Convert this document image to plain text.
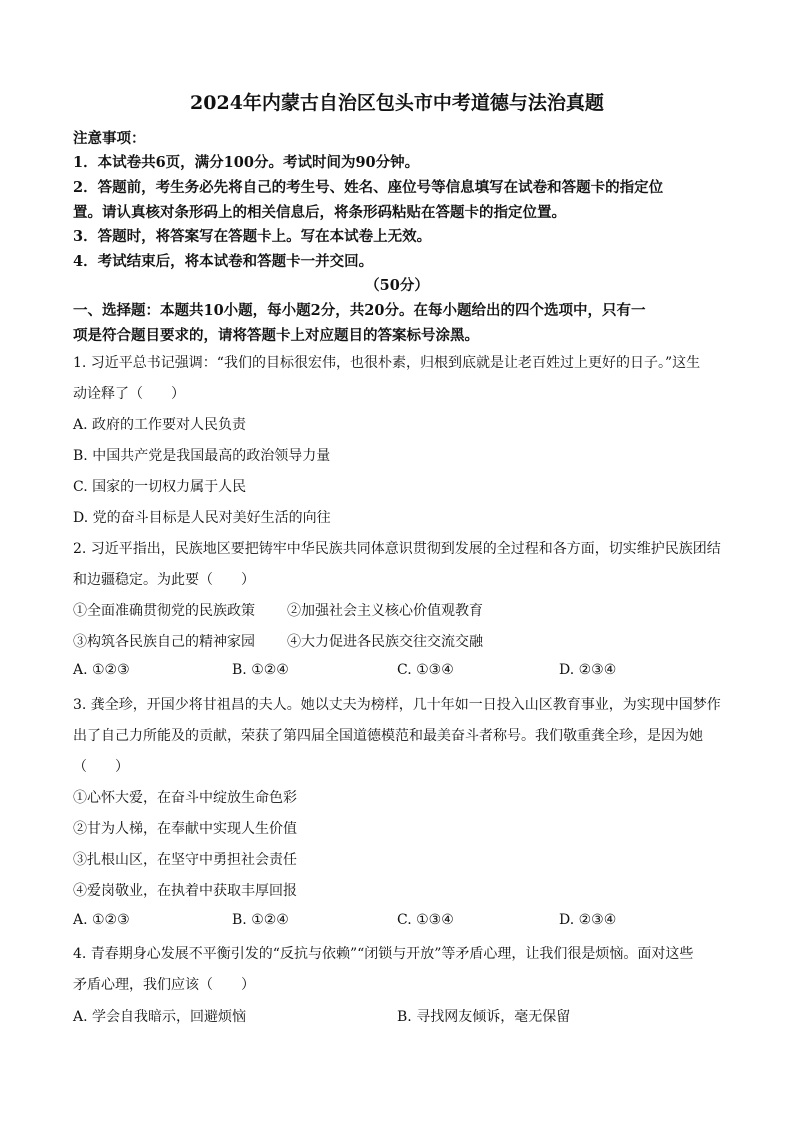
2024年内蒙古自治区包头市中考道德与法治真题
注意事项：
1．本试卷共6页，满分100分。考试时间为90分钟。
2．答题前，考生务必先将自己的考生号、姓名、座位号等信息填写在试卷和答题卡的指定位
置。请认真核对条形码上的相关信息后，将条形码粘贴在答题卡的指定位置。
3．答题时，将答案写在答题卡上。写在本试卷上无效。
4．考试结束后，将本试卷和答题卡一并交回。
（50分）
一、选择题：本题共10小题，每小题2分，共20分。在每小题给出的四个选项中，只有一
项是符合题目要求的，请将答题卡上对应题目的答案标号涂黑。
1. 习近平总书记强调：“我们的目标很宏伟，也很朴素，归根到底就是让老百姓过上更好的日子。”这生
动诠释了（　　）
A. 政府的工作要对人民负责
B. 中国共产党是我国最高的政治领导力量
C. 国家的一切权力属于人民
D. 党的奋斗目标是人民对美好生活的向往
2. 习近平指出，民族地区要把铸牢中华民族共同体意识贯彻到发展的全过程和各方面，切实维护民族团结
和边疆稳定。为此要（　　）
①全面准确贯彻党的民族政策 ②加强社会主义核心价值观教育
③构筑各民族自己的精神家园 ④大力促进各民族交往交流交融
A. ①②③	B. ①②④	C. ①③④	D. ②③④
3. 龚全珍，开国少将甘祖昌的夫人。她以丈夫为榜样，几十年如一日投入山区教育事业，为实现中国梦作
出了自己力所能及的贡献，荣获了第四届全国道德模范和最美奋斗者称号。我们敬重龚全珍，是因为她
（　　）
①心怀大爱，在奋斗中绽放生命色彩
②甘为人梯，在奉献中实现人生价值
③扎根山区，在坚守中勇担社会责任
④爱岗敬业，在执着中获取丰厚回报
A. ①②③	B. ①②④	C. ①③④	D. ②③④
4. 青春期身心发展不平衡引发的“反抗与依赖”“闭锁与开放”等矛盾心理，让我们很是烦恼。面对这些
矛盾心理，我们应该（　　）
A. 学会自我暗示，回避烦恼	B. 寻找网友倾诉，毫无保留
